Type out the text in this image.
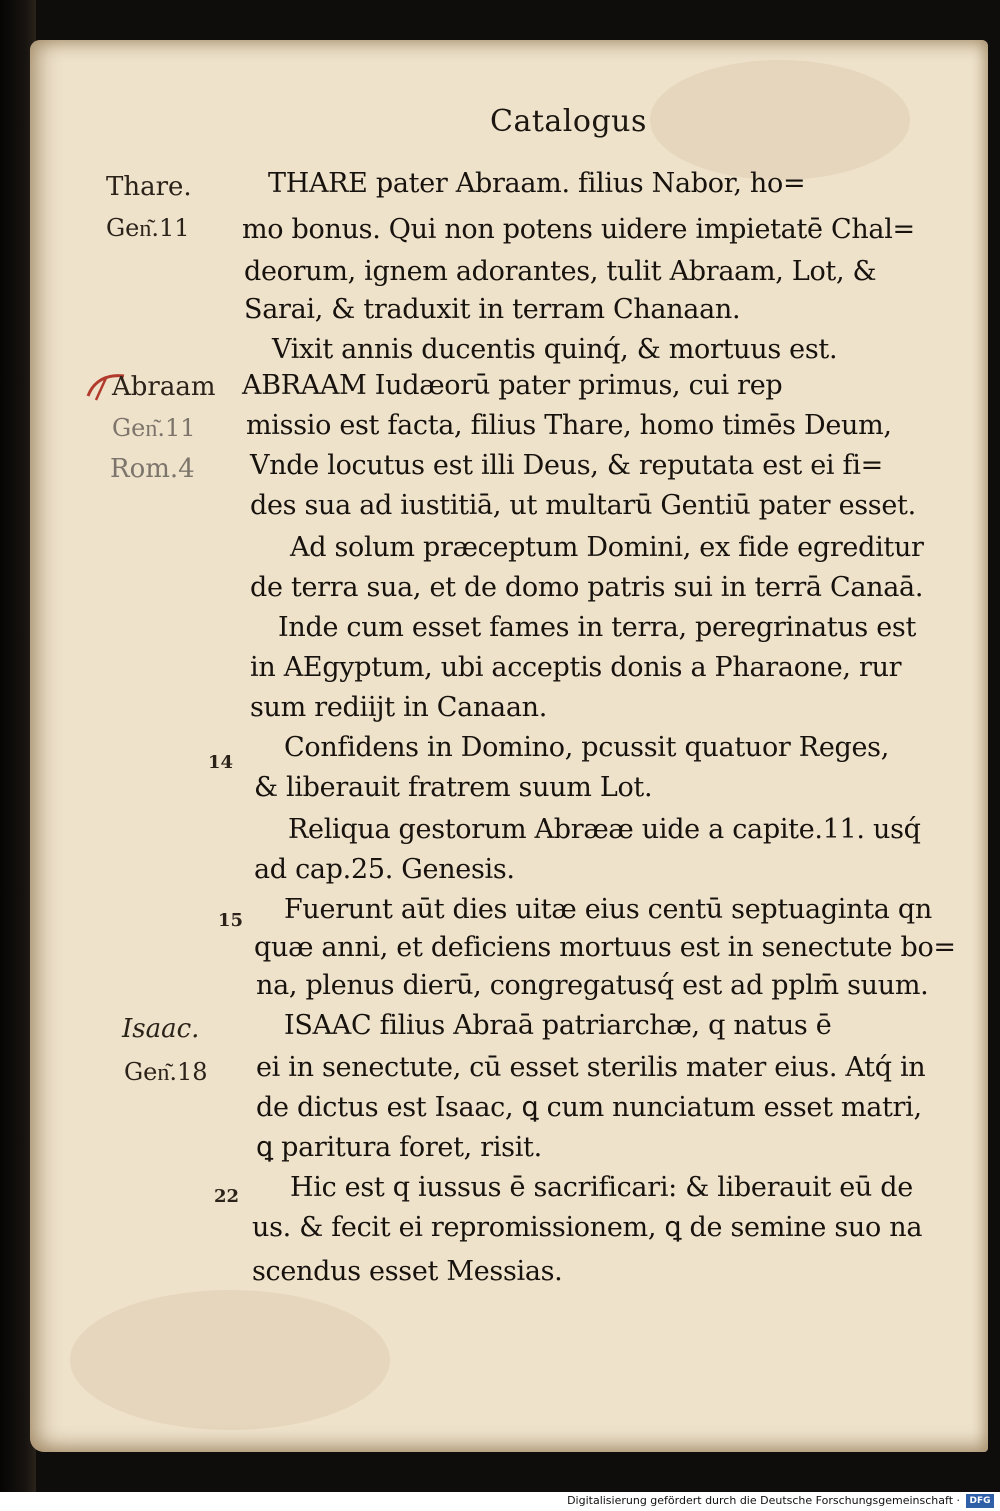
Catalogus
Thare.
Gen͂.11
Abraam
Gen͂.11
Rom.4
14
15
Isaac.
Gen͂.18
22
THARE pater Abraam. filius Nabor, ho=
mo bonus. Qui non potens uidere impietatē Chal=
deorum, ignem adorantes, tulit Abraam, Lot, &
Sarai, & traduxit in terram Chanaan.
Vixit annis ducentis quinq́, & mortuus est.
ABRAAM Iudæorū pater primus, cui rep
missio est facta, filius Thare, homo timēs Deum,
Vnde locutus est illi Deus, & reputata est ei fi=
des sua ad iustitiā, ut multarū Gentiū pater esset.
Ad solum præceptum Domini, ex fide egreditur
de terra sua, et de domo patris sui in terrā Canaā.
Inde cum esset fames in terra, peregrinatus est
in AEgyptum, ubi acceptis donis a Pharaone, rur
sum rediijt in Canaan.
Confidens in Domino, pcussit quatuor Reges,
& liberauit fratrem suum Lot.
Reliqua gestorum Abrææ uide a capite.11. usq́
ad cap.25. Genesis.
Fuerunt aūt dies uitæ eius centū septuaginta qn
quæ anni, et deficiens mortuus est in senectute bo=
na, plenus dierū, congregatusq́ est ad pplm̄ suum.
ISAAC filius Abraā patriarchæ, q natus ē
ei in senectute, cū esset sterilis mater eius. Atq́ in
de dictus est Isaac, ꝗ cum nunciatum esset matri,
ꝗ paritura foret, risit.
Hic est q iussus ē sacrificari: & liberauit eū de
us. & fecit ei repromissionem, ꝗ de semine suo na
scendus esset Messias.
Digitalisierung gefördert durch die Deutsche Forschungsgemeinschaft ·	DFG
